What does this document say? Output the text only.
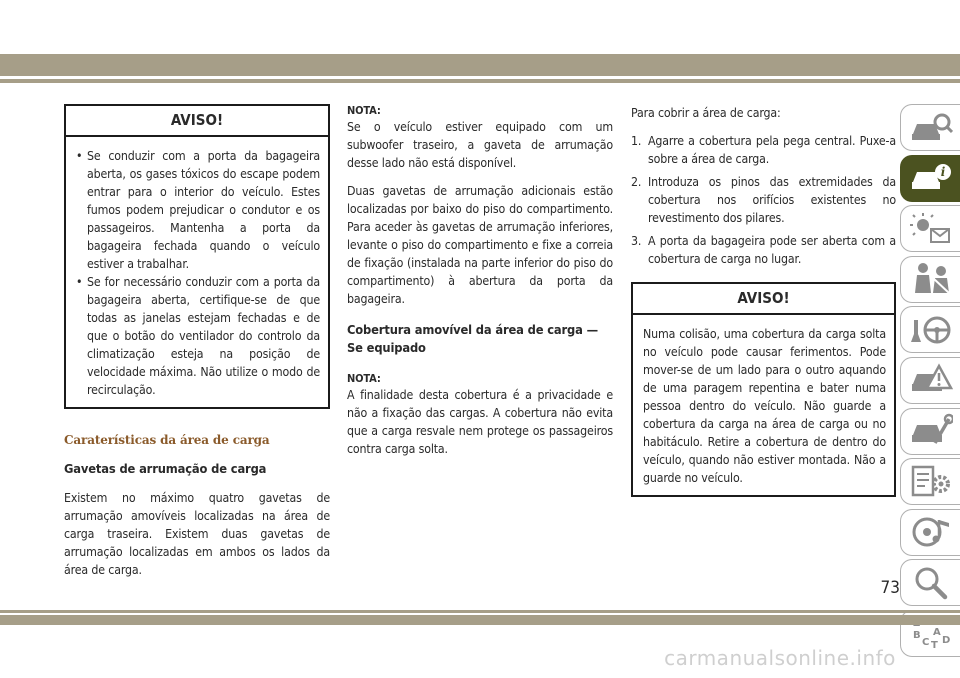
AVISO!
• Se conduzir com a porta da bagageira aberta, os gases tóxicos do escape podem entrar para o interior do veículo. Estes fumos podem prejudicar o condutor e os passageiros. Mantenha a porta da bagageira fechada quando o veículo estiver a trabalhar.
• Se for necessário conduzir com a porta da bagageira aberta, certifique-se de que todas as janelas estejam fechadas e de que o botão do ventilador do controlo da climatização esteja na posição de velocidade máxima. Não utilize o modo de recirculação.
Caraterísticas da área de carga
Gavetas de arrumação de carga

Existem no máximo quatro gavetas de arrumação amovíveis localizadas na área de carga traseira. Existem duas gavetas de arrumação localizadas em ambos os lados da área de carga.

NOTA:

Se o veículo estiver equipado com um subwoofer traseiro, a gaveta de arrumação desse lado não está disponível.

Duas gavetas de arrumação adicionais estão localizadas por baixo do piso do compartimento. Para aceder às gavetas de arrumação inferiores, levante o piso do compartimento e fixe a correia de fixação (instalada na parte inferior do piso do compartimento) à abertura da porta da bagageira.

Cobertura amovível da área de carga — Se equipado
NOTA:

A finalidade desta cobertura é a privacidade e não a fixação das cargas. A cobertura não evita que a carga resvale nem protege os passageiros contra carga solta.

Para cobrir a área de carga:

1. Agarre a cobertura pela pega central. Puxe-a sobre a área de carga.
2. Introduza os pinos das extremidades da cobertura nos orifícios existentes no revestimento dos pilares.
3. A porta da bagageira pode ser aberta com a cobertura de carga no lugar.
AVISO!

Numa colisão, uma cobertura da carga solta no veículo pode causar ferimentos. Pode mover-se de um lado para o outro aquando de uma paragem repentina e bater numa pessoa dentro do veículo. Não guarde a cobertura da carga na área de carga ou no habitáculo. Retire a cobertura de dentro do veículo, quando não estiver montada. Não a guarde no veículo.

i
B A
C D
T
73
carmanualsonline.info
